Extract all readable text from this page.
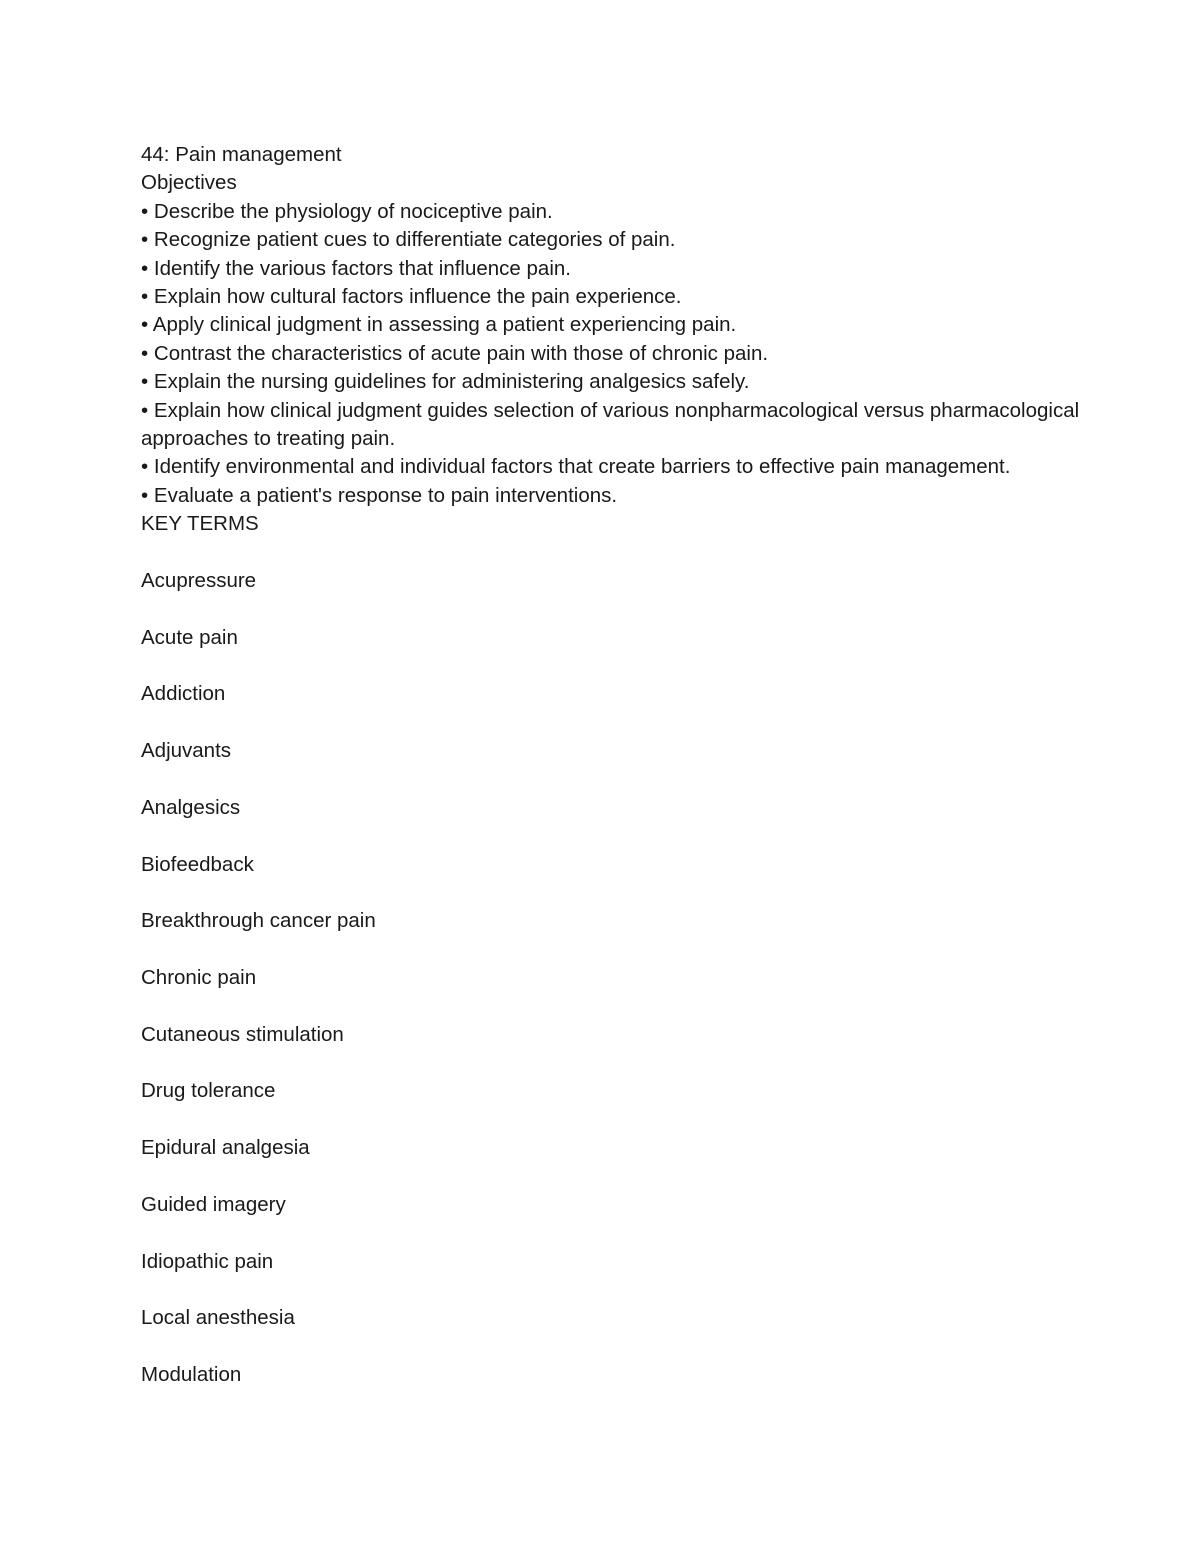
44: Pain management

Objectives

• Describe the physiology of nociceptive pain.
• Recognize patient cues to differentiate categories of pain.
• Identify the various factors that influence pain.
• Explain how cultural factors influence the pain experience.
• Apply clinical judgment in assessing a patient experiencing pain.
• Contrast the characteristics of acute pain with those of chronic pain.
• Explain the nursing guidelines for administering analgesics safely.
• Explain how clinical judgment guides selection of various nonpharmacological versus pharmacological approaches to treating pain.
• Identify environmental and individual factors that create barriers to effective pain management.
• Evaluate a patient's response to pain interventions.

KEY TERMS

Acupressure
Acute pain
Addiction
Adjuvants
Analgesics
Biofeedback
Breakthrough cancer pain
Chronic pain
Cutaneous stimulation
Drug tolerance
Epidural analgesia
Guided imagery
Idiopathic pain
Local anesthesia
Modulation
